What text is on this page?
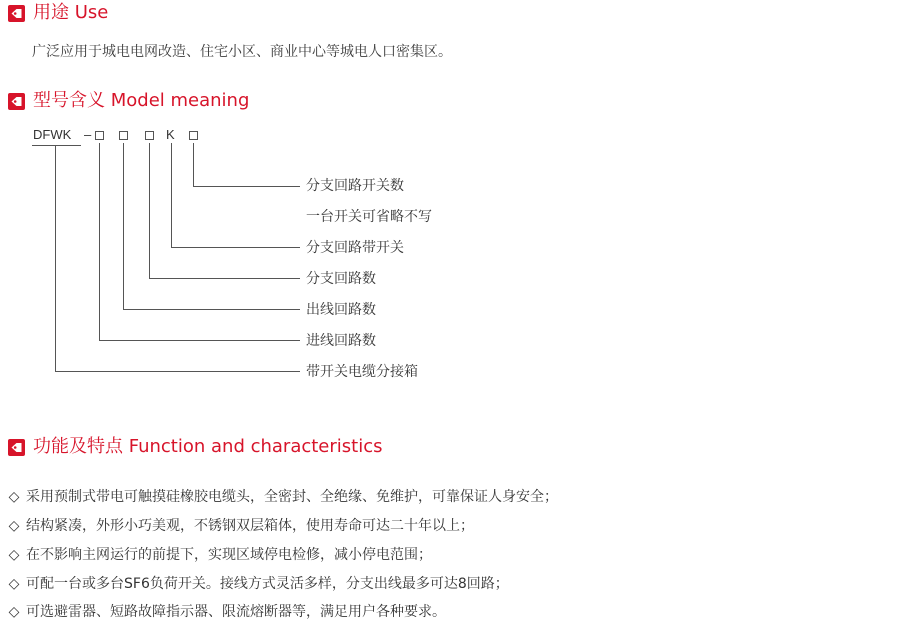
用途 Use
广泛应用于城电电网改造、住宅小区、商业中心等城电人口密集区。
型号含义 Model meaning
DFWK –	K
分支回路开关数
一台开关可省略不写
分支回路带开关
分支回路数
出线回路数
进线回路数
带开关电缆分接箱
功能及特点 Function and characteristics
◇ 采用预制式带电可触摸硅橡胶电缆头，全密封、全绝缘、免维护，可靠保证人身安全；
◇ 结构紧凑，外形小巧美观，不锈钢双层箱体，使用寿命可达二十年以上；
◇ 在不影响主网运行的前提下，实现区域停电检修，减小停电范围；
◇ 可配一台或多台SF6负荷开关。接线方式灵活多样，分支出线最多可达8回路；
◇ 可选避雷器、短路故障指示器、限流熔断器等，满足用户各种要求。
